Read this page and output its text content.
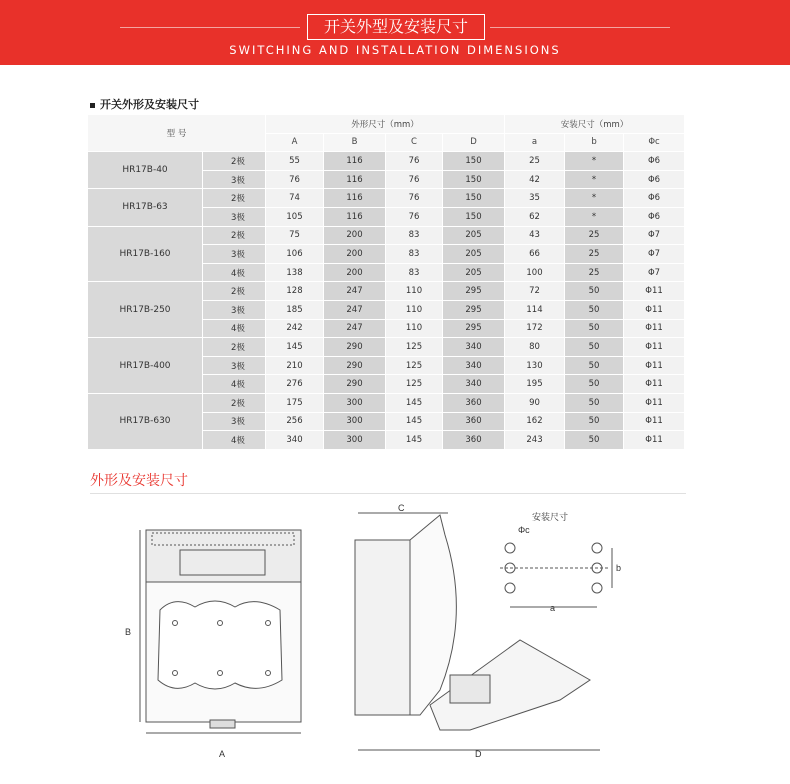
开关外型及安装尺寸
SWITCHING AND INSTALLATION DIMENSIONS
开关外形及安装尺寸
型 号		外形尺寸（mm）				安装尺寸（mm）		
		A	B	C	D	a	b	Φc
HR17B-40	2极	55	116	76	150	25	*	Φ6
	3极	76	116	76	150	42	*	Φ6
HR17B-63	2极	74	116	76	150	35	*	Φ6
	3极	105	116	76	150	62	*	Φ6
HR17B-160	2极	75	200	83	205	43	25	Φ7
	3极	106	200	83	205	66	25	Φ7
	4极	138	200	83	205	100	25	Φ7
HR17B-250	2极	128	247	110	295	72	50	Φ11
	3极	185	247	110	295	114	50	Φ11
	4极	242	247	110	295	172	50	Φ11
HR17B-400	2极	145	290	125	340	80	50	Φ11
	3极	210	290	125	340	130	50	Φ11
	4极	276	290	125	340	195	50	Φ11
HR17B-630	2极	175	300	145	360	90	50	Φ11
	3极	256	300	145	360	162	50	Φ11
	4极	340	300	145	360	243	50	Φ11
外形及安装尺寸
A
B
C
D
安装尺寸
Φc
a
b
